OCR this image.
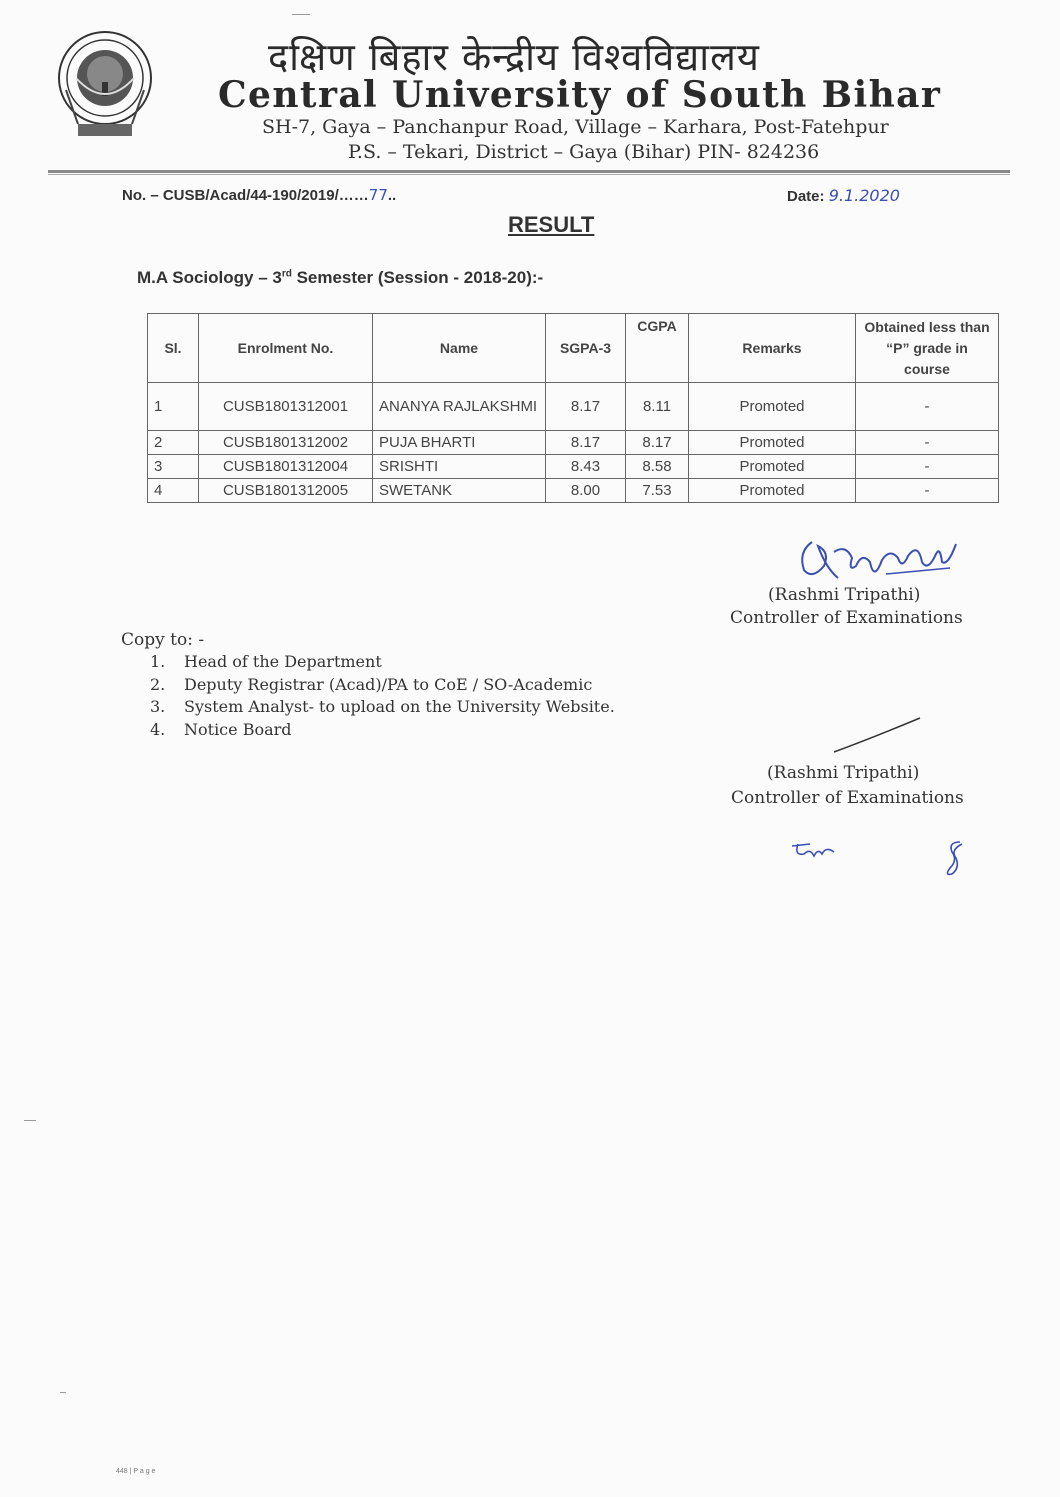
दक्षिण बिहार केन्द्रीय विश्वविद्यालय
Central University of South Bihar
SH-7, Gaya – Panchanpur Road, Village – Karhara, Post-Fatehpur
P.S. – Tekari, District – Gaya (Bihar) PIN- 824236
No. – CUSB/Acad/44-190/2019/……77..	Date: 9.1.2020
RESULT
M.A Sociology – 3rd Semester (Session - 2018-20):-
Sl.	Enrolment No.	Name	SGPA-3	CGPA	Remarks	Obtained less than “P” grade in course
1	CUSB1801312001	ANANYA RAJLAKSHMI	8.17	8.11	Promoted	-
2	CUSB1801312002	PUJA BHARTI	8.17	8.17	Promoted	-
3	CUSB1801312004	SRISHTI	8.43	8.58	Promoted	-
4	CUSB1801312005	SWETANK	8.00	7.53	Promoted	-
(Rashmi Tripathi)
Controller of Examinations
Copy to: -
1. Head of the Department
2. Deputy Registrar (Acad)/PA to CoE / SO-Academic
3. System Analyst- to upload on the University Website.
4. Notice Board
(Rashmi Tripathi)
Controller of Examinations
448 | P a g e
